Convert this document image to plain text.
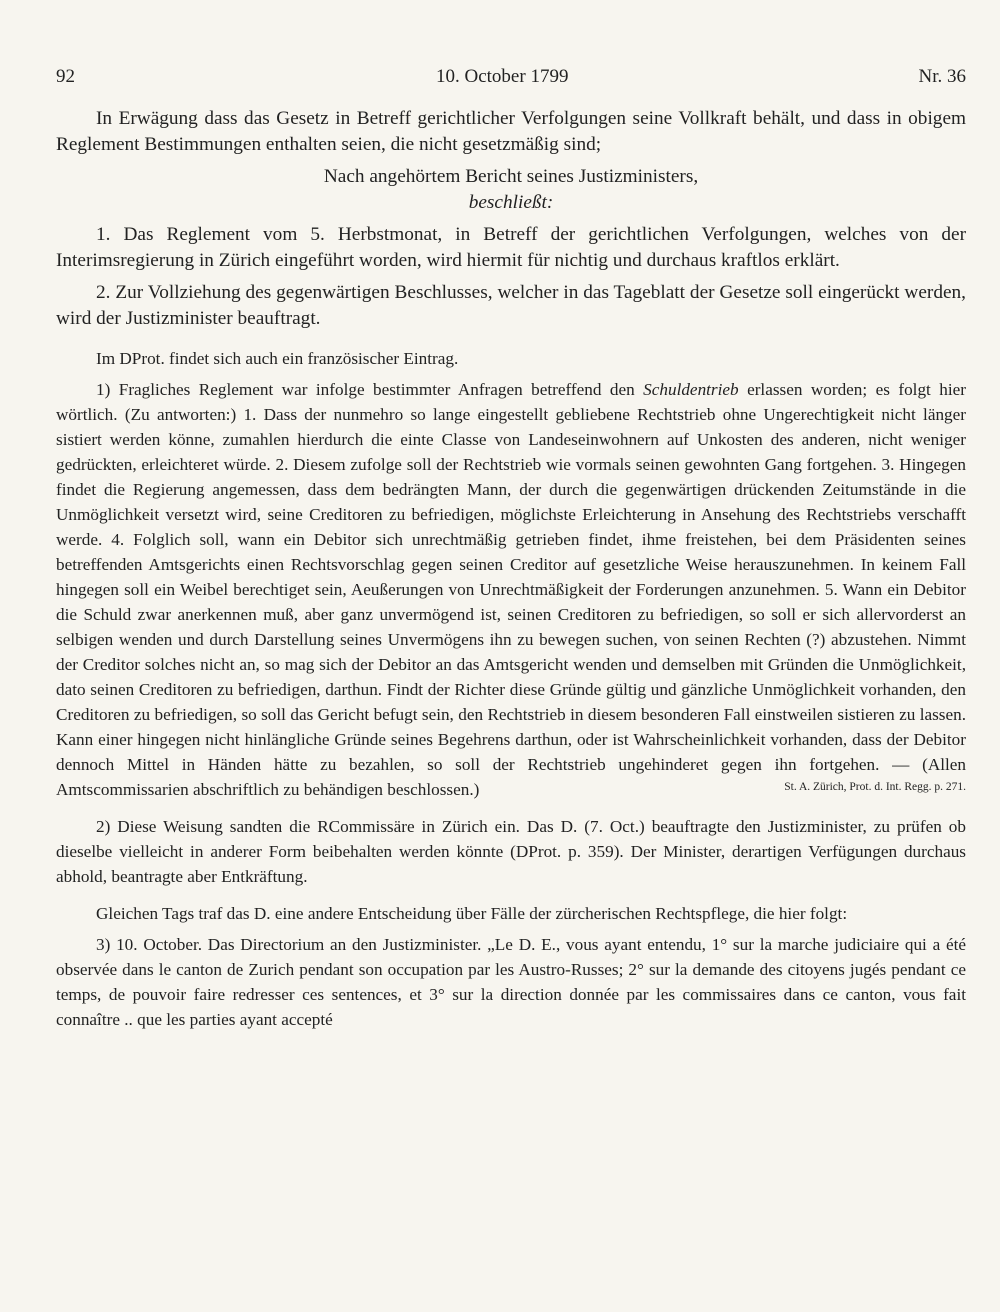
92	10. October 1799	Nr. 36

In Erwägung dass das Gesetz in Betreff gerichtlicher Verfolgungen seine Vollkraft behält, und dass in obigem Reglement Bestimmungen enthalten seien, die nicht gesetzmäßig sind;

Nach angehörtem Bericht seines Justizministers,

beschließt:

1. Das Reglement vom 5. Herbstmonat, in Betreff der gerichtlichen Verfolgungen, welches von der Interimsregierung in Zürich eingeführt worden, wird hiermit für nichtig und durchaus kraftlos erklärt.

2. Zur Vollziehung des gegenwärtigen Beschlusses, welcher in das Tageblatt der Gesetze soll eingerückt werden, wird der Justizminister beauftragt.

Im DProt. findet sich auch ein französischer Eintrag.

1) Fragliches Reglement war infolge bestimmter Anfragen betreffend den Schuldentrieb erlassen worden; es folgt hier wörtlich. (Zu antworten:) 1. Dass der nunmehro so lange eingestellt gebliebene Rechtstrieb ohne Ungerechtigkeit nicht länger sistiert werden könne, zumahlen hierdurch die einte Classe von Landeseinwohnern auf Unkosten des anderen, nicht weniger gedrückten, erleichteret würde. 2. Diesem zufolge soll der Rechtstrieb wie vormals seinen gewohnten Gang fortgehen. 3. Hingegen findet die Regierung angemessen, dass dem bedrängten Mann, der durch die gegenwärtigen drückenden Zeitumstände in die Unmöglichkeit versetzt wird, seine Creditoren zu befriedigen, möglichste Erleichterung in Ansehung des Rechtstriebs verschafft werde. 4. Folglich soll, wann ein Debitor sich unrechtmäßig getrieben findet, ihme freistehen, bei dem Präsidenten seines betreffenden Amtsgerichts einen Rechtsvorschlag gegen seinen Creditor auf gesetzliche Weise herauszunehmen. In keinem Fall hingegen soll ein Weibel berechtiget sein, Aeußerungen von Unrechtmäßigkeit der Forderungen anzunehmen. 5. Wann ein Debitor die Schuld zwar anerkennen muß, aber ganz unvermögend ist, seinen Creditoren zu befriedigen, so soll er sich allervorderst an selbigen wenden und durch Darstellung seines Unvermögens ihn zu bewegen suchen, von seinen Rechten (?) abzustehen. Nimmt der Creditor solches nicht an, so mag sich der Debitor an das Amtsgericht wenden und demselben mit Gründen die Unmöglichkeit, dato seinen Creditoren zu befriedigen, darthun. Findt der Richter diese Gründe gültig und gänzliche Unmöglichkeit vorhanden, den Creditoren zu befriedigen, so soll das Gericht befugt sein, den Rechtstrieb in diesem besonderen Fall einstweilen sistieren zu lassen. Kann einer hingegen nicht hinlängliche Gründe seines Begehrens darthun, oder ist Wahrscheinlichkeit vorhanden, dass der Debitor dennoch Mittel in Händen hätte zu bezahlen, so soll der Rechtstrieb ungehinderet gegen ihn fortgehen. — (Allen Amtscommissarien abschriftlich zu behändigen beschlossen.)	St. A. Zürich, Prot. d. Int. Regg. p. 271.

2) Diese Weisung sandten die RCommissäre in Zürich ein. Das D. (7. Oct.) beauftragte den Justizminister, zu prüfen ob dieselbe vielleicht in anderer Form beibehalten werden könnte (DProt. p. 359). Der Minister, derartigen Verfügungen durchaus abhold, beantragte aber Entkräftung.

Gleichen Tags traf das D. eine andere Entscheidung über Fälle der zürcherischen Rechtspflege, die hier folgt:

3) 10. October. Das Directorium an den Justizminister. „Le D. E., vous ayant entendu, 1° sur la marche judiciaire qui a été observée dans le canton de Zurich pendant son occupation par les Austro-Russes; 2° sur la demande des citoyens jugés pendant ce temps, de pouvoir faire redresser ces sentences, et 3° sur la direction donnée par les commissaires dans ce canton, vous fait connaître .. que les parties ayant accepté
